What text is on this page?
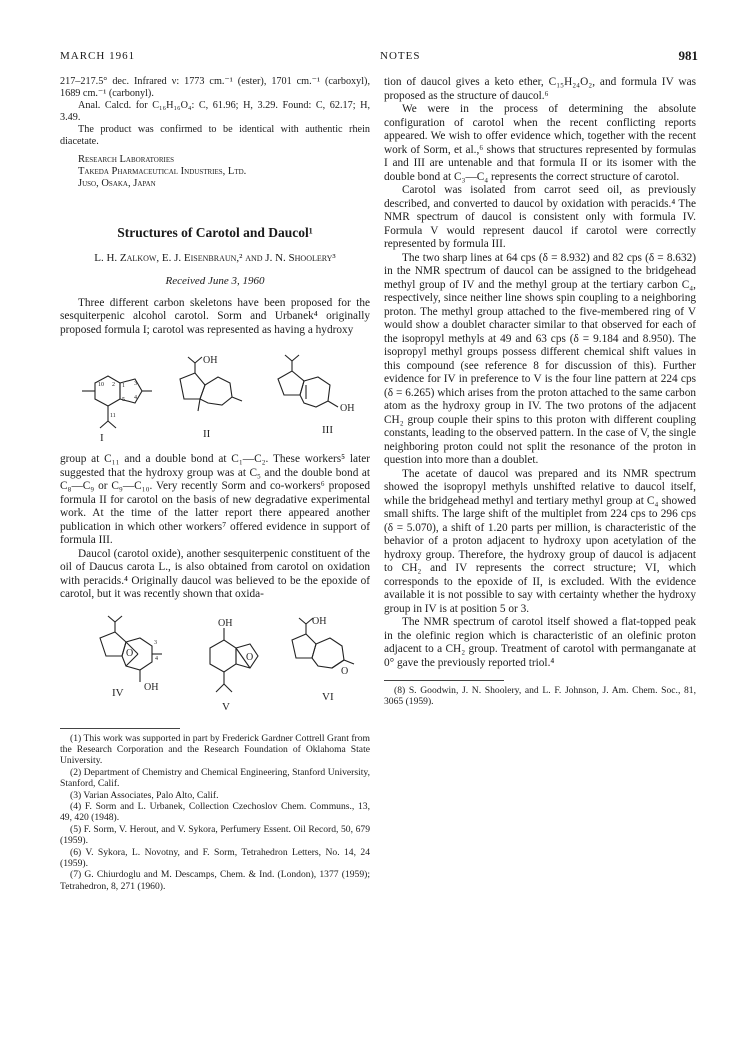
MARCH 1961	NOTES	981

217–217.5° dec. Infrared ν: 1773 cm.⁻¹ (ester), 1701 cm.⁻¹ (carboxyl), 1689 cm.⁻¹ (carbonyl).

Anal. Calcd. for C₁₆H₁₆O₄: C, 61.96; H, 3.29. Found: C, 62.17; H, 3.49.

The product was confirmed to be identical with authentic rhein diacetate.

Research Laboratories
Takeda Pharmaceutical Industries, Ltd.
Juso, Osaka, Japan
Structures of Carotol and Daucol¹
L. H. Zalkow, E. J. Eisenbraun,² and J. N. Shoolery³
Received June 3, 1960

Three different carbon skeletons have been proposed for the sesquiterpenic alcohol carotol. Sorm and Urbanek⁴ originally proposed formula I; carotol was represented as having a hydroxy

OH
OH
I	II	III
10 2 1 3
4
5
11

group at C₁₁ and a double bond at C₁—C₂. These workers⁵ later suggested that the hydroxy group was at C₅ and the double bond at C₈—C₉ or C₉—C₁₀. Very recently Sorm and co-workers⁶ proposed formula II for carotol on the basis of new degradative experimental work. At the time of the latter report there appeared another publication in which other workers⁷ offered evidence in support of formula III.

Daucol (carotol oxide), another sesquiterpenic constituent of the oil of Daucus carota L., is also obtained from carotol on oxidation with peracids.⁴ Originally daucol was believed to be the epoxide of carotol, but it was recently shown that oxida-

O
OH
OH
O
OH
O
IV
V
VI
3
4

(1) This work was supported in part by Frederick Gardner Cottrell Grant from the Research Corporation and the Research Foundation of Oklahoma State University.

(2) Department of Chemistry and Chemical Engineering, Stanford University, Stanford, Calif.

(3) Varian Associates, Palo Alto, Calif.

(4) F. Sorm and L. Urbanek, Collection Czechoslov Chem. Communs., 13, 49, 420 (1948).

(5) F. Sorm, V. Herout, and V. Sykora, Perfumery Essent. Oil Record, 50, 679 (1959).

(6) V. Sykora, L. Novotny, and F. Sorm, Tetrahedron Letters, No. 14, 24 (1959).

(7) G. Chiurdoglu and M. Descamps, Chem. & Ind. (London), 1377 (1959); Tetrahedron, 8, 271 (1960).

tion of daucol gives a keto ether, C₁₅H₂₄O₂, and formula IV was proposed as the structure of daucol.⁶

We were in the process of determining the absolute configuration of carotol when the recent conflicting reports appeared. We wish to offer evidence which, together with the recent work of Sorm, et al.,⁶ shows that structures represented by formulas I and III are untenable and that formula II or its isomer with the double bond at C₃—C₄ represents the correct structure of carotol.

Carotol was isolated from carrot seed oil, as previously described, and converted to daucol by oxidation with peracids.⁴ The NMR spectrum of daucol is consistent only with formula IV. Formula V would represent daucol if carotol were correctly represented by formula III.

The two sharp lines at 64 cps (δ = 8.932) and 82 cps (δ = 8.632) in the NMR spectrum of daucol can be assigned to the bridgehead methyl group of IV and the methyl group at the tertiary carbon C₄, respectively, since neither line shows spin coupling to a neighboring proton. The methyl group attached to the five-membered ring of V would show a doublet character similar to that observed for each of the isopropyl methyls at 49 and 63 cps (δ = 9.184 and 8.950). The isopropyl methyl groups possess different chemical shift values in this compound (see reference 8 for discussion of this). Further evidence for IV in preference to V is the four line pattern at 224 cps (δ = 6.265) which arises from the proton attached to the same carbon atom as the hydroxy group in IV. The two protons of the adjacent CH₂ group couple their spins to this proton with different coupling constants, leading to the observed pattern. In the case of V, the single neighboring proton could not split the resonance of the proton in question into more than a doublet.

The acetate of daucol was prepared and its NMR spectrum showed the isopropyl methyls unshifted relative to daucol itself, while the bridgehead methyl and tertiary methyl group at C₄ showed small shifts. The large shift of the multiplet from 224 cps to 296 cps (δ = 5.070), a shift of 1.20 parts per million, is characteristic of the behavior of a proton adjacent to hydroxy upon acetylation of the hydroxy group. Therefore, the hydroxy group of daucol is adjacent to CH₂ and IV represents the correct structure; VI, which corresponds to the epoxide of II, is excluded. With the evidence available it is not possible to say with certainty whether the hydroxy group in IV is at position 5 or 3.

The NMR spectrum of carotol itself showed a flat-topped peak in the olefinic region which is characteristic of an olefinic proton adjacent to a CH₂ group. Treatment of carotol with permanganate at 0° gave the previously reported triol.⁴

(8) S. Goodwin, J. N. Shoolery, and L. F. Johnson, J. Am. Chem. Soc., 81, 3065 (1959).
